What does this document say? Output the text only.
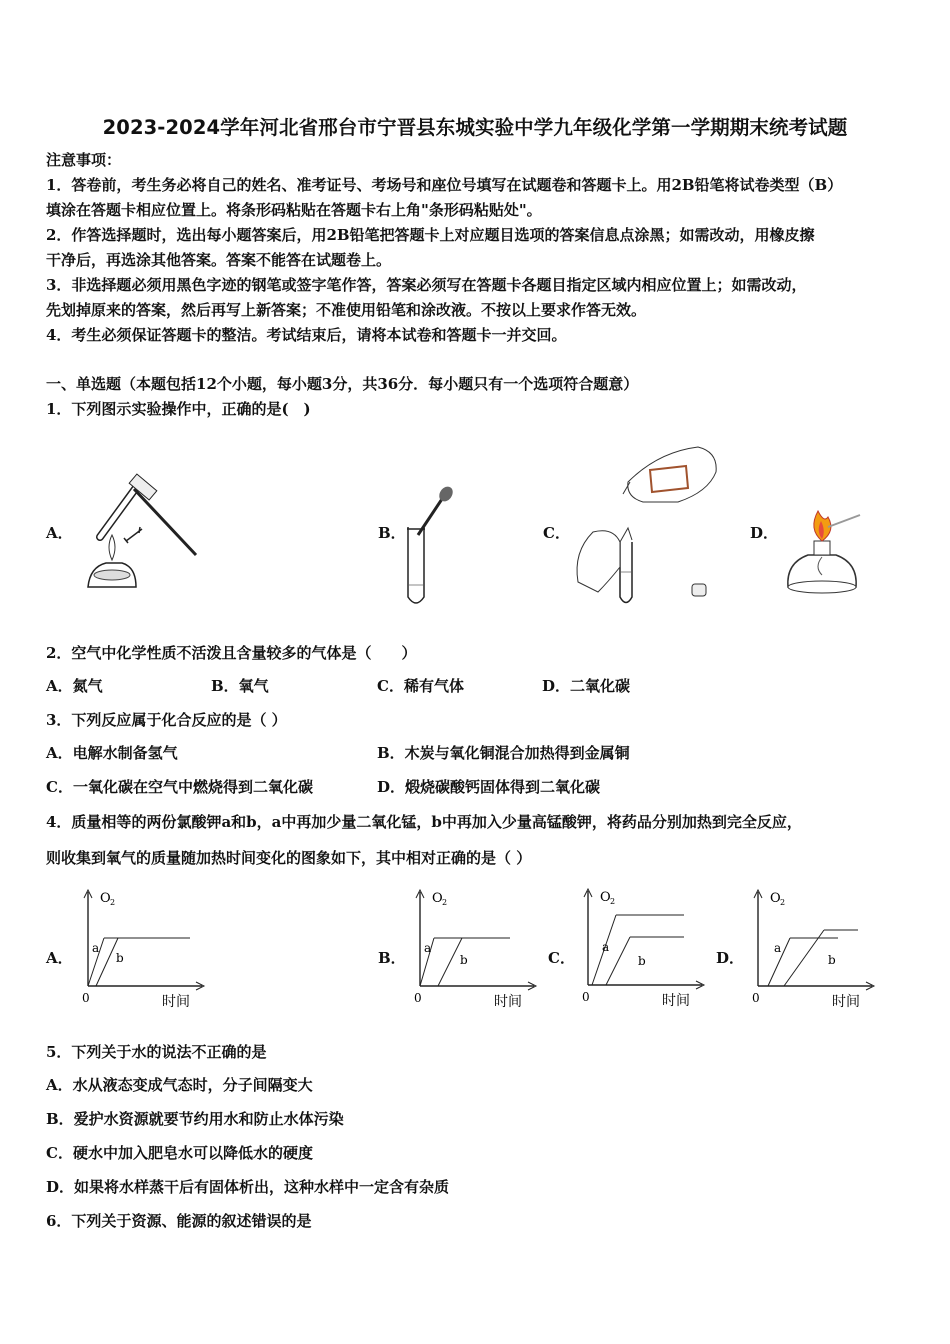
2023-2024学年河北省邢台市宁晋县东城实验中学九年级化学第一学期期末统考试题
注意事项：
1．答卷前，考生务必将自己的姓名、准考证号、考场号和座位号填写在试题卷和答题卡上。用2B铅笔将试卷类型（B）
填涂在答题卡相应位置上。将条形码粘贴在答题卡右上角"条形码粘贴处"。
2．作答选择题时，选出每小题答案后，用2B铅笔把答题卡上对应题目选项的答案信息点涂黑；如需改动，用橡皮擦
干净后，再选涂其他答案。答案不能答在试题卷上。
3．非选择题必须用黑色字迹的钢笔或签字笔作答，答案必须写在答题卡各题目指定区域内相应位置上；如需改动，
先划掉原来的答案，然后再写上新答案；不准使用铅笔和涂改液。不按以上要求作答无效。
4．考生必须保证答题卡的整洁。考试结束后，请将本试卷和答题卡一并交回。
一、单选题（本题包括12个小题，每小题3分，共36分．每小题只有一个选项符合题意）
1．下列图示实验操作中，正确的是(　)
A．	B．	C．	D．
2．空气中化学性质不活泼且含量较多的气体是（　　）
A．氮气	B．氧气	C．稀有气体	D．二氧化碳
3．下列反应属于化合反应的是（ ）
A．电解水制备氢气	B．木炭与氧化铜混合加热得到金属铜
C．一氧化碳在空气中燃烧得到二氧化碳	D．煅烧碳酸钙固体得到二氧化碳
4．质量相等的两份氯酸钾a和b，a中再加少量二氧化锰，b中再加入少量高锰酸钾，将药品分别加热到完全反应，
则收集到氧气的质量随加热时间变化的图象如下，其中相对正确的是（ ）
A．	B．	C．	D．
O 2
0	时间
a
b
O 2
0	时间
a
b
O 2
0	时间
a
b
O 2
0	时间
a
b
5．下列关于水的说法不正确的是
A．水从液态变成气态时，分子间隔变大
B．爱护水资源就要节约用水和防止水体污染
C．硬水中加入肥皂水可以降低水的硬度
D．如果将水样蒸干后有固体析出，这种水样中一定含有杂质
6．下列关于资源、能源的叙述错误的是
